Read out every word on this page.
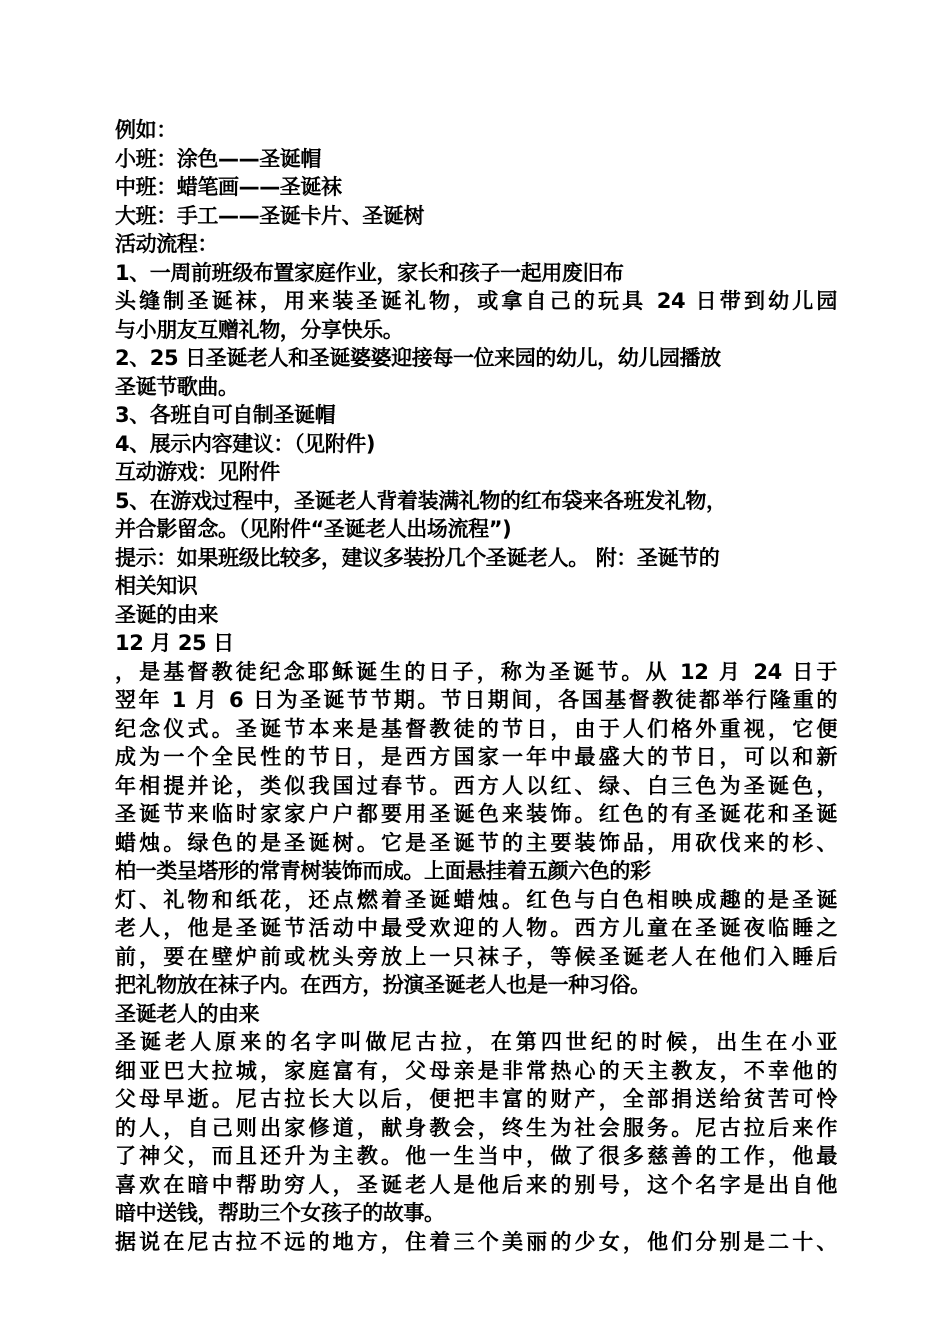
例如：
小班：涂色——圣诞帽
中班：蜡笔画——圣诞袜
大班：手工——圣诞卡片、圣诞树
活动流程：
1、一周前班级布置家庭作业，家长和孩子一起用废旧布
头缝制圣诞袜，用来装圣诞礼物，或拿自己的玩具 24 日带到幼儿园
与小朋友互赠礼物，分享快乐。
2、25 日圣诞老人和圣诞婆婆迎接每一位来园的幼儿，幼儿园播放
圣诞节歌曲。
3、各班自可自制圣诞帽
4、展示内容建议：（见附件)
互动游戏：见附件
5、在游戏过程中，圣诞老人背着装满礼物的红布袋来各班发礼物，
并合影留念。（见附件“圣诞老人出场流程”)
提示：如果班级比较多，建议多装扮几个圣诞老人。 附：圣诞节的
相关知识
圣诞的由来
12 月 25 日
，是基督教徒纪念耶稣诞生的日子，称为圣诞节。从 12 月 24 日于
翌年 1 月 6 日为圣诞节节期。节日期间，各国基督教徒都举行隆重的
纪念仪式。圣诞节本来是基督教徒的节日，由于人们格外重视，它便
成为一个全民性的节日，是西方国家一年中最盛大的节日，可以和新
年相提并论，类似我国过春节。西方人以红、绿、白三色为圣诞色，
圣诞节来临时家家户户都要用圣诞色来装饰。红色的有圣诞花和圣诞
蜡烛。绿色的是圣诞树。它是圣诞节的主要装饰品，用砍伐来的杉、
柏一类呈塔形的常青树装饰而成。上面悬挂着五颜六色的彩
灯、礼物和纸花，还点燃着圣诞蜡烛。红色与白色相映成趣的是圣诞
老人，他是圣诞节活动中最受欢迎的人物。西方儿童在圣诞夜临睡之
前，要在壁炉前或枕头旁放上一只袜子，等候圣诞老人在他们入睡后
把礼物放在袜子内。在西方，扮演圣诞老人也是一种习俗。
圣诞老人的由来
圣诞老人原来的名字叫做尼古拉，在第四世纪的时候，出生在小亚
细亚巴大拉城，家庭富有，父母亲是非常热心的天主教友，不幸他的
父母早逝。尼古拉长大以后，便把丰富的财产，全部捐送给贫苦可怜
的人，自己则出家修道，献身教会，终生为社会服务。尼古拉后来作
了神父，而且还升为主教。他一生当中，做了很多慈善的工作，他最
喜欢在暗中帮助穷人，圣诞老人是他后来的别号，这个名字是出自他
暗中送钱，帮助三个女孩子的故事。
据说在尼古拉不远的地方，住着三个美丽的少女，他们分别是二十、
